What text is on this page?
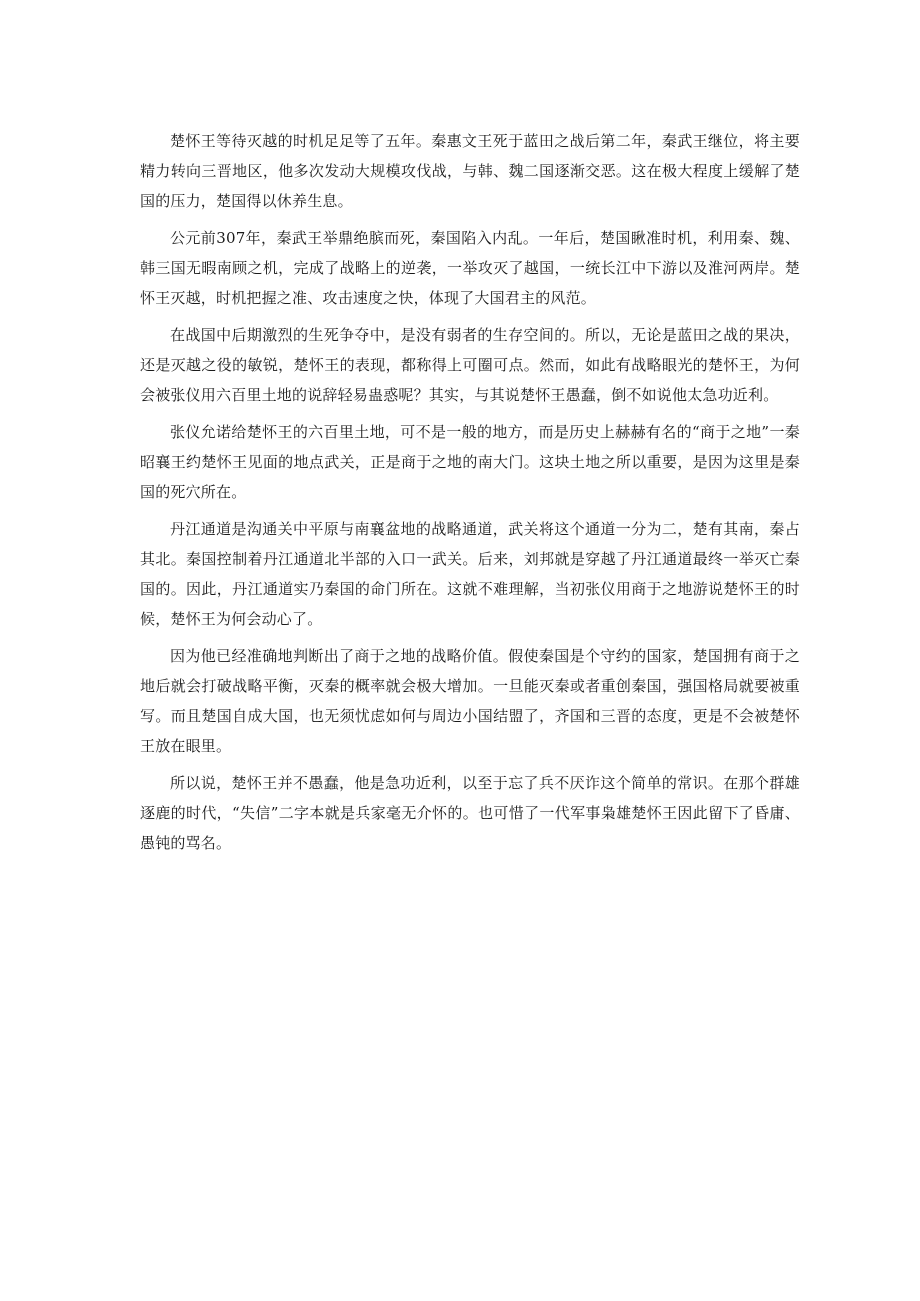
楚怀王等待灭越的时机足足等了五年。秦惠文王死于蓝田之战后第二年，秦武王继位，将主要精力转向三晋地区，他多次发动大规模攻伐战，与韩、魏二国逐渐交恶。这在极大程度上缓解了楚国的压力，楚国得以休养生息。

公元前307年，秦武王举鼎绝膑而死，秦国陷入内乱。一年后，楚国瞅准时机，利用秦、魏、韩三国无暇南顾之机，完成了战略上的逆袭，一举攻灭了越国，一统长江中下游以及淮河两岸。楚怀王灭越，时机把握之准、攻击速度之快，体现了大国君主的风范。

在战国中后期激烈的生死争夺中，是没有弱者的生存空间的。所以，无论是蓝田之战的果决，还是灭越之役的敏锐，楚怀王的表现，都称得上可圈可点。然而，如此有战略眼光的楚怀王，为何会被张仪用六百里土地的说辞轻易蛊惑呢？其实，与其说楚怀王愚蠢，倒不如说他太急功近利。

张仪允诺给楚怀王的六百里土地，可不是一般的地方，而是历史上赫赫有名的“商于之地”一秦昭襄王约楚怀王见面的地点武关，正是商于之地的南大门。这块土地之所以重要，是因为这里是秦国的死穴所在。

丹江通道是沟通关中平原与南襄盆地的战略通道，武关将这个通道一分为二，楚有其南，秦占其北。秦国控制着丹江通道北半部的入口一武关。后来，刘邦就是穿越了丹江通道最终一举灭亡秦国的。因此，丹江通道实乃秦国的命门所在。这就不难理解，当初张仪用商于之地游说楚怀王的时候，楚怀王为何会动心了。

因为他已经准确地判断出了商于之地的战略价值。假使秦国是个守约的国家，楚国拥有商于之地后就会打破战略平衡，灭秦的概率就会极大增加。一旦能灭秦或者重创秦国，强国格局就要被重写。而且楚国自成大国，也无须忧虑如何与周边小国结盟了，齐国和三晋的态度，更是不会被楚怀王放在眼里。

所以说，楚怀王并不愚蠢，他是急功近利，以至于忘了兵不厌诈这个简单的常识。在那个群雄逐鹿的时代，“失信”二字本就是兵家毫无介怀的。也可惜了一代军事枭雄楚怀王因此留下了昏庸、愚钝的骂名。
